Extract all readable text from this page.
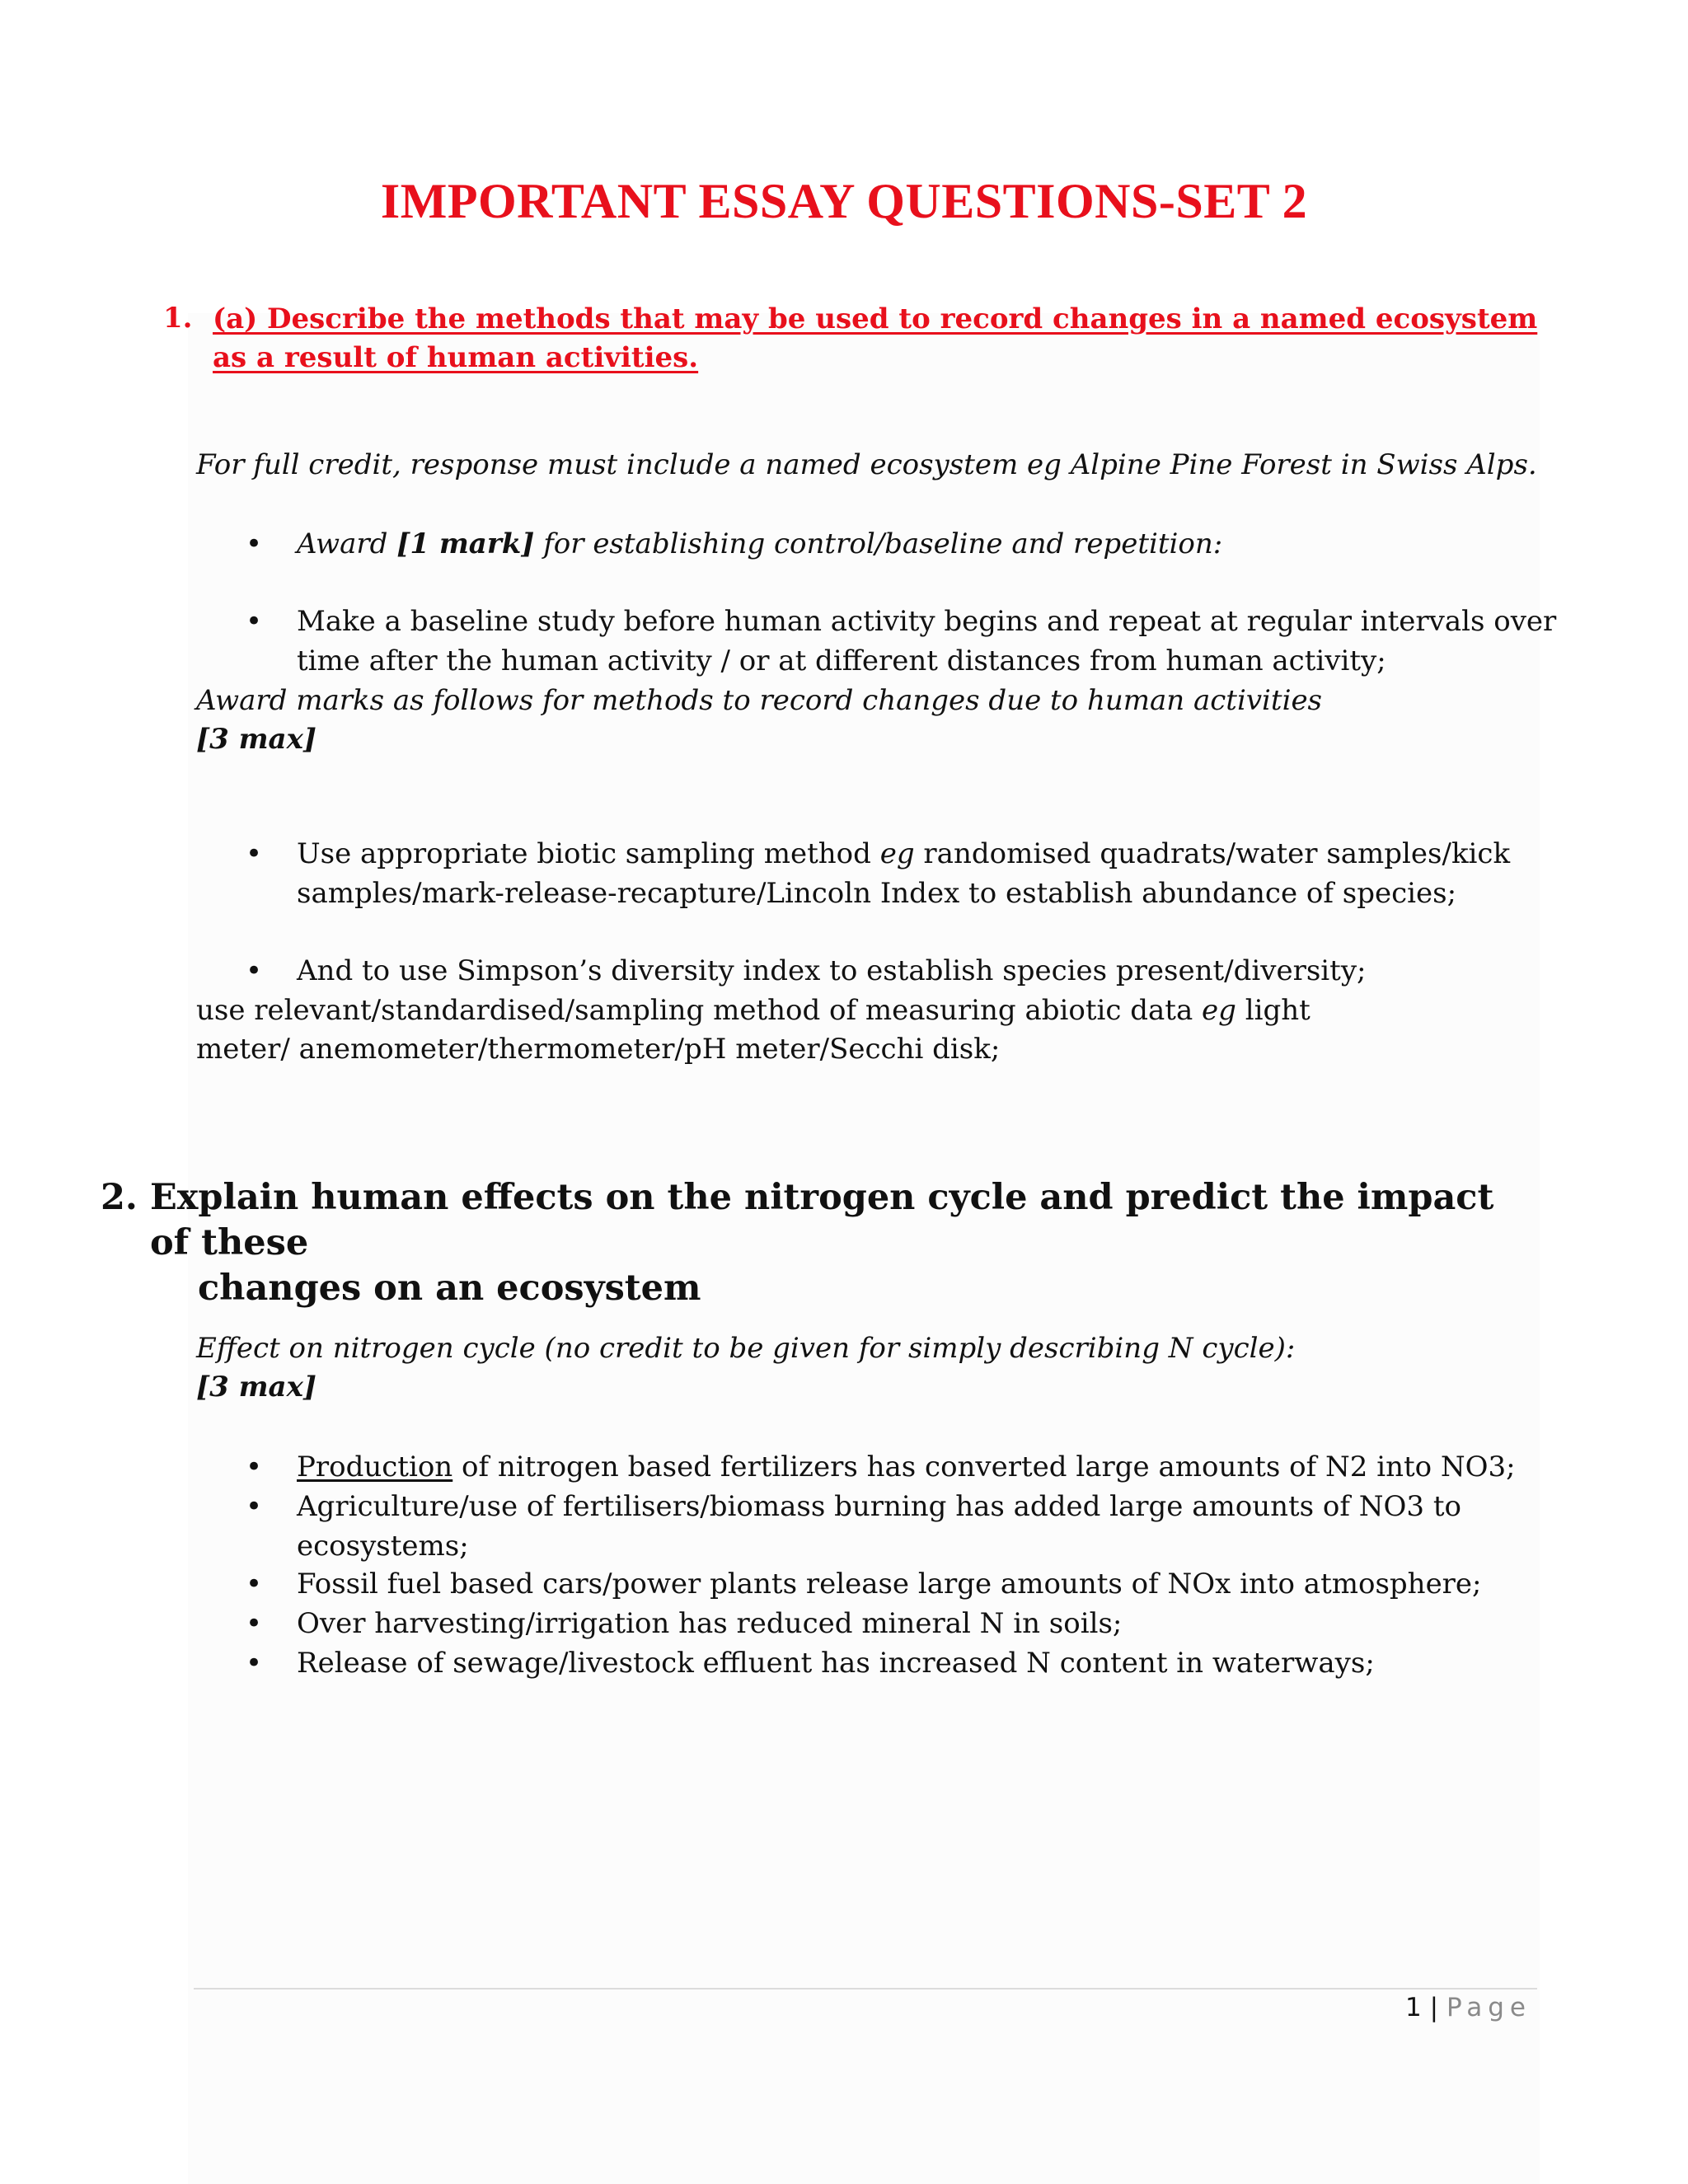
IMPORTANT ESSAY QUESTIONS-SET 2
1. (a) Describe the methods that may be used to record changes in a named ecosystem as a result of human activities.
For full credit, response must include a named ecosystem eg Alpine Pine Forest in Swiss Alps.
•	Award [1 mark] for establishing control/baseline and repetition:
•	Make a baseline study before human activity begins and repeat at regular intervals over time after the human activity / or at different distances from human activity;
Award marks as follows for methods to record changes due to human activities
[3 max]
•	Use appropriate biotic sampling method eg randomised quadrats/water samples/kick samples/mark-release-recapture/Lincoln Index to establish abundance of species;
•	And to use Simpson’s diversity index to establish species present/diversity;
use relevant/standardised/sampling method of measuring abiotic data eg light
meter/ anemometer/thermometer/pH meter/Secchi disk;
2. Explain human effects on the nitrogen cycle and predict the impact of these
changes on an ecosystem
Effect on nitrogen cycle (no credit to be given for simply describing N cycle):
[3 max]
•	Production of nitrogen based fertilizers has converted large amounts of N2 into NO3;
•	Agriculture/use of fertilisers/biomass burning has added large amounts of NO3 to ecosystems;
•	Fossil fuel based cars/power plants release large amounts of NOx into atmosphere;
•	Over harvesting/irrigation has reduced mineral N in soils;
•	Release of sewage/livestock effluent has increased N content in waterways;
1 | Page
